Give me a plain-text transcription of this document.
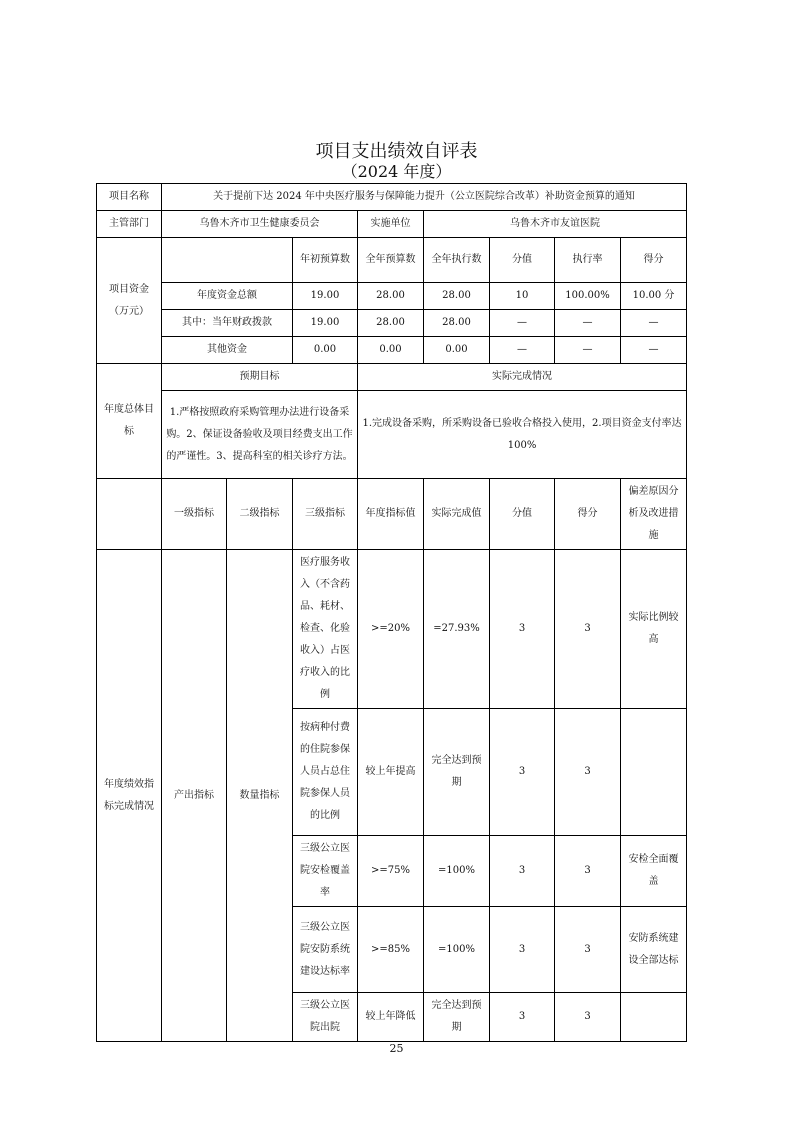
项目支出绩效自评表
（2024 年度）
项目名称	关于提前下达 2024 年中央医疗服务与保障能力提升（公立医院综合改革）补助资金预算的通知							
主管部门	乌鲁木齐市卫生健康委员会			实施单位	乌鲁木齐市友谊医院			
项目资金（万元）			年初预算数	全年预算数	全年执行数	分值	执行率	得分
	年度资金总额		19.00	28.00	28.00	10	100.00%	10.00 分
	其中：当年财政拨款		19.00	28.00	28.00	—	—	—
	其他资金		0.00	0.00	0.00	—	—	—
年度总体目标	预期目标			实际完成情况				
	1.严格按照政府采购管理办法进行设备采购。2、保证设备验收及项目经费支出工作的严谨性。3、提高科室的相关诊疗方法。			1.完成设备采购，所采购设备已验收合格投入使用，2.项目资金支付率达 100%				
	一级指标	二级指标	三级指标	年度指标值	实际完成值	分值	得分	偏差原因分析及改进措施
年度绩效指标完成情况	产出指标	数量指标	医疗服务收入（不含药品、耗材、检查、化验收入）占医疗收入的比例	>=20%	=27.93%	3	3	实际比例较高
			按病种付费的住院参保人员占总住院参保人员的比例	较上年提高	完全达到预期	3	3	
			三级公立医院安检覆盖率	>=75%	=100%	3	3	安检全面覆盖
			三级公立医院安防系统建设达标率	>=85%	=100%	3	3	安防系统建设全部达标
			三级公立医院出院	较上年降低	完全达到预期	3	3	
25
